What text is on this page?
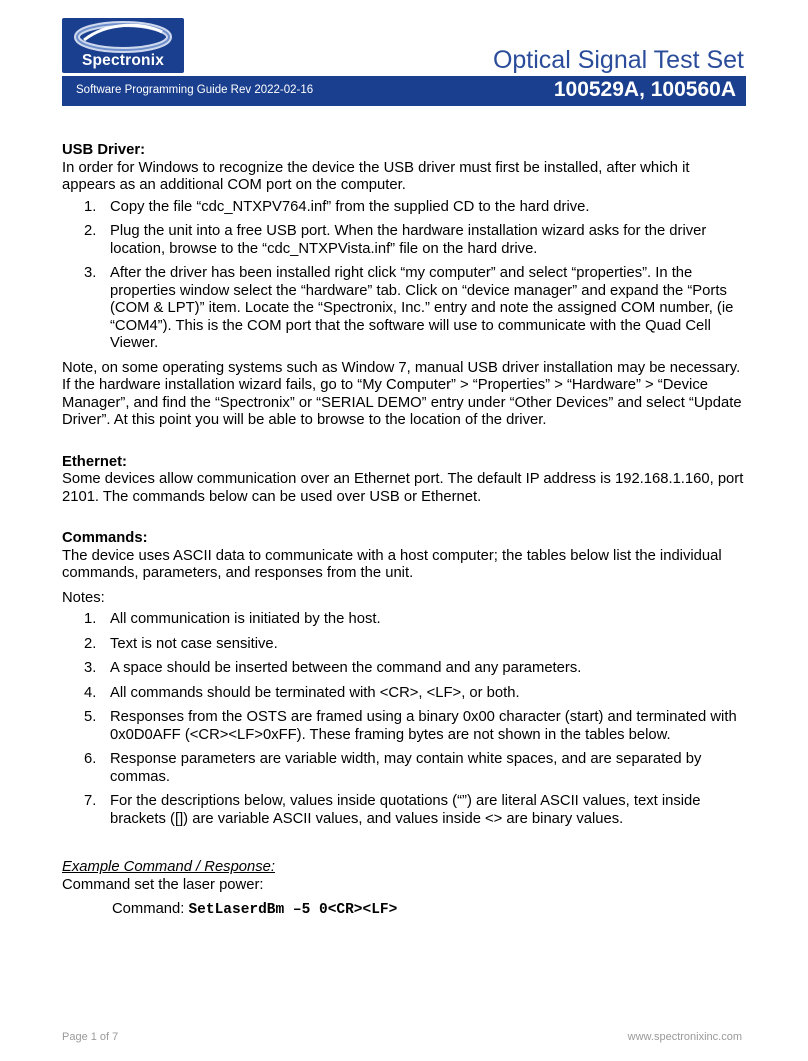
Spectronix	Optical Signal Test Set
Software Programming Guide Rev 2022-02-16	100529A, 100560A
USB Driver:

In order for Windows to recognize the device the USB driver must first be installed, after which it appears as an additional COM port on the computer.

1. Copy the file “cdc_NTXPV764.inf” from the supplied CD to the hard drive.
2. Plug the unit into a free USB port. When the hardware installation wizard asks for the driver location, browse to the “cdc_NTXPVista.inf” file on the hard drive.
3. After the driver has been installed right click “my computer” and select “properties”. In the properties window select the “hardware” tab. Click on “device manager” and expand the “Ports (COM & LPT)” item. Locate the “Spectronix, Inc.” entry and note the assigned COM number, (ie “COM4”). This is the COM port that the software will use to communicate with the Quad Cell Viewer.

Note, on some operating systems such as Window 7, manual USB driver installation may be necessary. If the hardware installation wizard fails, go to “My Computer” > “Properties” > “Hardware” > “Device Manager”, and find the “Spectronix” or “SERIAL DEMO” entry under “Other Devices” and select “Update Driver”. At this point you will be able to browse to the location of the driver.

Ethernet:

Some devices allow communication over an Ethernet port. The default IP address is 192.168.1.160, port 2101. The commands below can be used over USB or Ethernet.

Commands:

The device uses ASCII data to communicate with a host computer; the tables below list the individual commands, parameters, and responses from the unit.

Notes:

1. All communication is initiated by the host.
2. Text is not case sensitive.
3. A space should be inserted between the command and any parameters.
4. All commands should be terminated with <CR>, <LF>, or both.
5. Responses from the OSTS are framed using a binary 0x00 character (start) and terminated with 0x0D0AFF (<CR><LF>0xFF). These framing bytes are not shown in the tables below.
6. Response parameters are variable width, may contain white spaces, and are separated by commas.
7. For the descriptions below, values inside quotations (“”) are literal ASCII values, text inside brackets ([]) are variable ASCII values, and values inside <> are binary values.

Example Command / Response:

Command set the laser power:

Command: SetLaserdBm –5 0<CR><LF>

Page 1 of 7	www.spectronixinc.com
